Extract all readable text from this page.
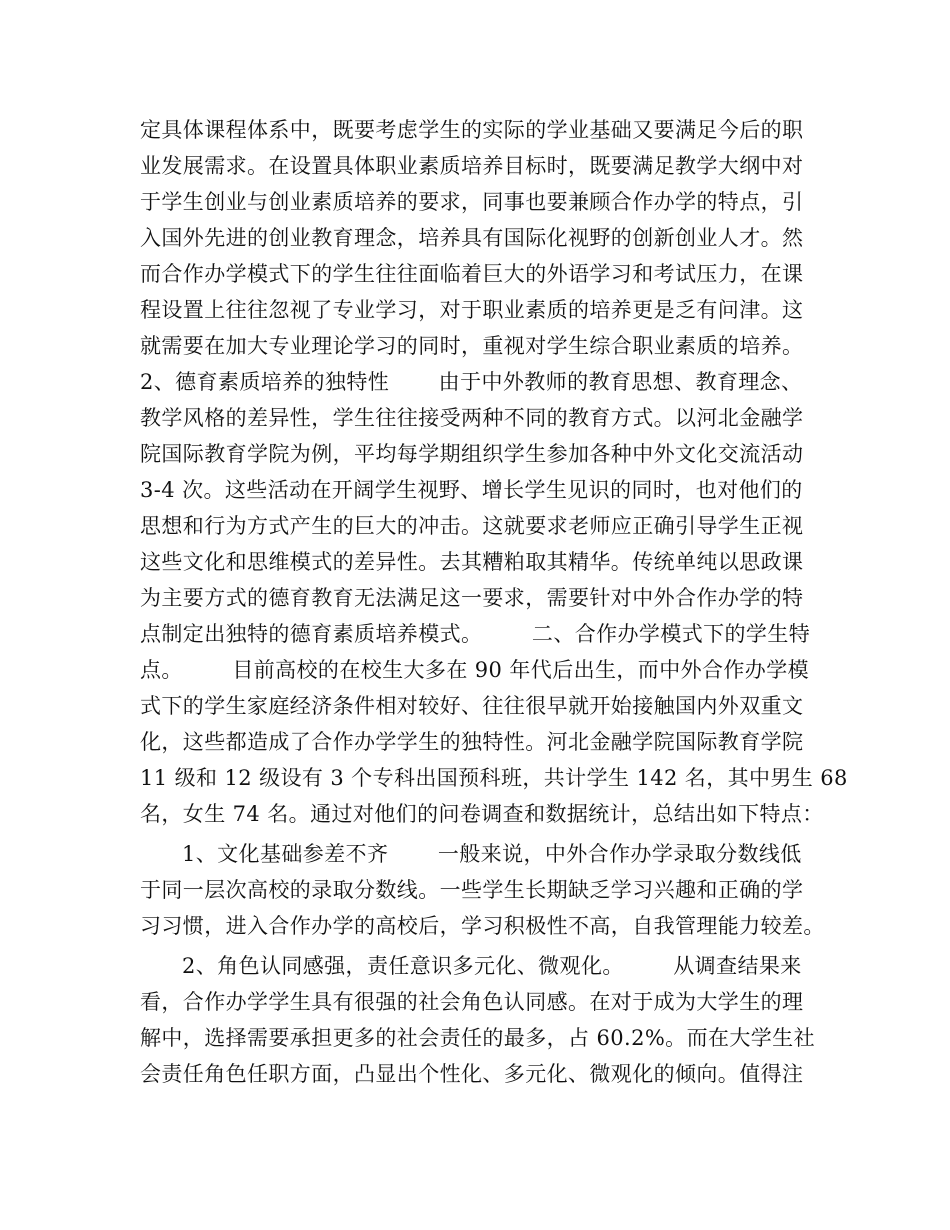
定具体课程体系中，既要考虑学生的实际的学业基础又要满足今后的职
业发展需求。在设置具体职业素质培养目标时，既要满足教学大纲中对
于学生创业与创业素质培养的要求，同事也要兼顾合作办学的特点，引
入国外先进的创业教育理念，培养具有国际化视野的创新创业人才。然
而合作办学模式下的学生往往面临着巨大的外语学习和考试压力，在课
程设置上往往忽视了专业学习，对于职业素质的培养更是乏有问津。这
就需要在加大专业理论学习的同时，重视对学生综合职业素质的培养。
2、德育素质培养的独特性       由于中外教师的教育思想、教育理念、
教学风格的差异性，学生往往接受两种不同的教育方式。以河北金融学
院国际教育学院为例，平均每学期组织学生参加各种中外文化交流活动
3-4 次。这些活动在开阔学生视野、增长学生见识的同时，也对他们的
思想和行为方式产生的巨大的冲击。这就要求老师应正确引导学生正视
这些文化和思维模式的差异性。去其糟粕取其精华。传统单纯以思政课
为主要方式的德育教育无法满足这一要求，需要针对中外合作办学的特
点制定出独特的德育素质培养模式。       二、合作办学模式下的学生特
点。       目前高校的在校生大多在 90 年代后出生，而中外合作办学模
式下的学生家庭经济条件相对较好、往往很早就开始接触国内外双重文
化，这些都造成了合作办学学生的独特性。河北金融学院国际教育学院
11 级和 12 级设有 3 个专科出国预科班，共计学生 142 名，其中男生 68
名，女生 74 名。通过对他们的问卷调查和数据统计，总结出如下特点：
1、文化基础参差不齐       一般来说，中外合作办学录取分数线低
于同一层次高校的录取分数线。一些学生长期缺乏学习兴趣和正确的学
习习惯，进入合作办学的高校后，学习积极性不高，自我管理能力较差。
2、角色认同感强，责任意识多元化、微观化。       从调查结果来
看，合作办学学生具有很强的社会角色认同感。在对于成为大学生的理
解中，选择需要承担更多的社会责任的最多，占 60.2%。而在大学生社
会责任角色任职方面，凸显出个性化、多元化、微观化的倾向。值得注
